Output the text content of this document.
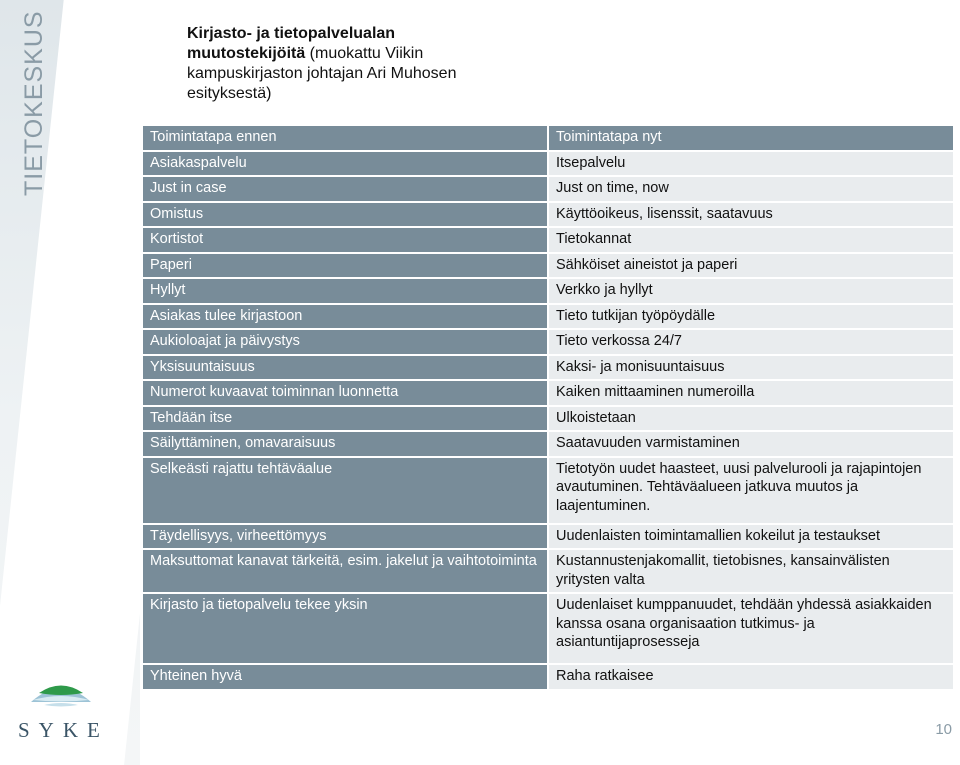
TIETOKESKUS	Kirjasto- ja tietopalvelualan muutostekijöitä (muokattu Viikin kampuskirjaston johtajan Ari Muhosen esityksestä)
Toimintatapa ennen	Toimintatapa nyt
Asiakaspalvelu	Itsepalvelu
Just in case	Just on time, now
Omistus	Käyttöoikeus, lisenssit, saatavuus
Kortistot	Tietokannat
Paperi	Sähköiset aineistot ja paperi
Hyllyt	Verkko ja hyllyt
Asiakas tulee kirjastoon	Tieto tutkijan työpöydälle
Aukioloajat ja päivystys	Tieto verkossa 24/7
Yksisuuntaisuus	Kaksi- ja monisuuntaisuus
Numerot kuvaavat toiminnan luonnetta	Kaiken mittaaminen numeroilla
Tehdään itse	Ulkoistetaan
Säilyttäminen, omavaraisuus	Saatavuuden varmistaminen
Selkeästi rajattu tehtäväalue	Tietotyön uudet haasteet, uusi palvelurooli ja rajapintojen avautuminen. Tehtäväalueen jatkuva muutos ja laajentuminen.
Täydellisyys, virheettömyys	Uudenlaisten toimintamallien kokeilut ja testaukset
Maksuttomat kanavat tärkeitä, esim. jakelut ja vaihtotoiminta	Kustannustenjakomallit, tietobisnes, kansainvälisten yritysten valta
Kirjasto ja tietopalvelu tekee yksin	Uudenlaiset kumppanuudet, tehdään yhdessä asiakkaiden kanssa osana organisaation tutkimus- ja asiantuntijaprosesseja
Yhteinen hyvä	Raha ratkaisee
SYKE	10
